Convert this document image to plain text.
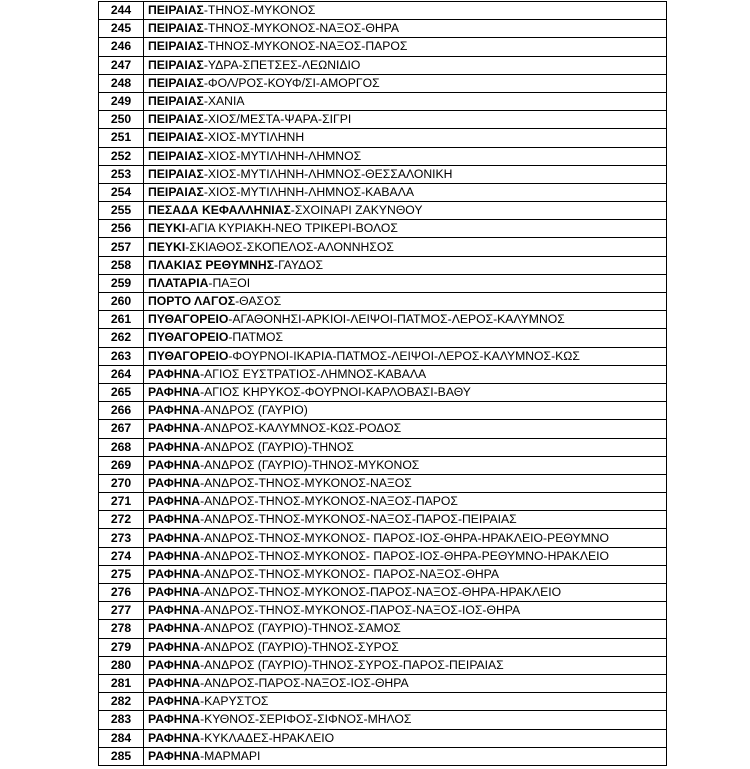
244	ΠΕΙΡΑΙΑΣ-ΤΗΝΟΣ-ΜΥΚΟΝΟΣ
245	ΠΕΙΡΑΙΑΣ-ΤΗΝΟΣ-ΜΥΚΟΝΟΣ-ΝΑΞΟΣ-ΘΗΡΑ
246	ΠΕΙΡΑΙΑΣ-ΤΗΝΟΣ-ΜΥΚΟΝΟΣ-ΝΑΞΟΣ-ΠΑΡΟΣ
247	ΠΕΙΡΑΙΑΣ-ΥΔΡΑ-ΣΠΕΤΣΕΣ-ΛΕΩΝΙΔΙΟ
248	ΠΕΙΡΑΙΑΣ-ΦΟΛ/ΡΟΣ-ΚΟΥΦ/ΣΙ-ΑΜΟΡΓΟΣ
249	ΠΕΙΡΑΙΑΣ-ΧΑΝΙΑ
250	ΠΕΙΡΑΙΑΣ-ΧΙΟΣ/ΜΕΣΤΑ-ΨΑΡΑ-ΣΙΓΡΙ
251	ΠΕΙΡΑΙΑΣ-ΧΙΟΣ-ΜΥΤΙΛΗΝΗ
252	ΠΕΙΡΑΙΑΣ-ΧΙΟΣ-ΜΥΤΙΛΗΝΗ-ΛΗΜΝΟΣ
253	ΠΕΙΡΑΙΑΣ-ΧΙΟΣ-ΜΥΤΙΛΗΝΗ-ΛΗΜΝΟΣ-ΘΕΣΣΑΛΟΝΙΚΗ
254	ΠΕΙΡΑΙΑΣ-ΧΙΟΣ-ΜΥΤΙΛΗΝΗ-ΛΗΜΝΟΣ-ΚΑΒΑΛΑ
255	ΠΕΣΑΔΑ ΚΕΦΑΛΛΗΝΙΑΣ-ΣΧΟΙΝΑΡΙ ΖΑΚΥΝΘΟΥ
256	ΠΕΥΚΙ-ΑΓΙΑ ΚΥΡΙΑΚΗ-ΝΕΟ ΤΡΙΚΕΡΙ-ΒΟΛΟΣ
257	ΠΕΥΚΙ-ΣΚΙΑΘΟΣ-ΣΚΟΠΕΛΟΣ-ΑΛΟΝΝΗΣΟΣ
258	ΠΛΑΚΙΑΣ ΡΕΘΥΜΝΗΣ-ΓΑΥΔΟΣ
259	ΠΛΑΤΑΡΙΑ-ΠΑΞΟΙ
260	ΠΟΡΤΟ ΛΑΓΟΣ-ΘΑΣΟΣ
261	ΠΥΘΑΓΟΡΕΙΟ-ΑΓΑΘΟΝΗΣΙ-ΑΡΚΙΟΙ-ΛΕΙΨΟΙ-ΠΑΤΜΟΣ-ΛΕΡΟΣ-ΚΑΛΥΜΝΟΣ
262	ΠΥΘΑΓΟΡΕΙΟ-ΠΑΤΜΟΣ
263	ΠΥΘΑΓΟΡΕΙΟ-ΦΟΥΡΝΟΙ-ΙΚΑΡΙΑ-ΠΑΤΜΟΣ-ΛΕΙΨΟΙ-ΛΕΡΟΣ-ΚΑΛΥΜΝΟΣ-ΚΩΣ
264	ΡΑΦΗΝΑ-ΑΓΙΟΣ ΕΥΣΤΡΑΤΙΟΣ-ΛΗΜΝΟΣ-ΚΑΒΑΛΑ
265	ΡΑΦΗΝΑ-ΑΓΙΟΣ ΚΗΡΥΚΟΣ-ΦΟΥΡΝΟΙ-ΚΑΡΛΟΒΑΣΙ-ΒΑΘΥ
266	ΡΑΦΗΝΑ-ΑΝΔΡΟΣ (ΓΑΥΡΙΟ)
267	ΡΑΦΗΝΑ-ΑΝΔΡΟΣ-ΚΑΛΥΜΝΟΣ-ΚΩΣ-ΡΟΔΟΣ
268	ΡΑΦΗΝΑ-ΑΝΔΡΟΣ (ΓΑΥΡΙΟ)-ΤΗΝΟΣ
269	ΡΑΦΗΝΑ-ΑΝΔΡΟΣ (ΓΑΥΡΙΟ)-ΤΗΝΟΣ-ΜΥΚΟΝΟΣ
270	ΡΑΦΗΝΑ-ΑΝΔΡΟΣ-ΤΗΝΟΣ-ΜΥΚΟΝΟΣ-ΝΑΞΟΣ
271	ΡΑΦΗΝΑ-ΑΝΔΡΟΣ-ΤΗΝΟΣ-ΜΥΚΟΝΟΣ-ΝΑΞΟΣ-ΠΑΡΟΣ
272	ΡΑΦΗΝΑ-ΑΝΔΡΟΣ-ΤΗΝΟΣ-ΜΥΚΟΝΟΣ-ΝΑΞΟΣ-ΠΑΡΟΣ-ΠΕΙΡΑΙΑΣ
273	ΡΑΦΗΝΑ-ΑΝΔΡΟΣ-ΤΗΝΟΣ-ΜΥΚΟΝΟΣ- ΠΑΡΟΣ-ΙΟΣ-ΘΗΡΑ-ΗΡΑΚΛΕΙΟ-ΡΕΘΥΜΝΟ
274	ΡΑΦΗΝΑ-ΑΝΔΡΟΣ-ΤΗΝΟΣ-ΜΥΚΟΝΟΣ- ΠΑΡΟΣ-ΙΟΣ-ΘΗΡΑ-ΡΕΘΥΜΝΟ-ΗΡΑΚΛΕΙΟ
275	ΡΑΦΗΝΑ-ΑΝΔΡΟΣ-ΤΗΝΟΣ-ΜΥΚΟΝΟΣ- ΠΑΡΟΣ-ΝΑΞΟΣ-ΘΗΡΑ
276	ΡΑΦΗΝΑ-ΑΝΔΡΟΣ-ΤΗΝΟΣ-ΜΥΚΟΝΟΣ-ΠΑΡΟΣ-ΝΑΞΟΣ-ΘΗΡΑ-ΗΡΑΚΛΕΙΟ
277	ΡΑΦΗΝΑ-ΑΝΔΡΟΣ-ΤΗΝΟΣ-ΜΥΚΟΝΟΣ-ΠΑΡΟΣ-ΝΑΞΟΣ-ΙΟΣ-ΘΗΡΑ
278	ΡΑΦΗΝΑ-ΑΝΔΡΟΣ (ΓΑΥΡΙΟ)-ΤΗΝΟΣ-ΣΑΜΟΣ
279	ΡΑΦΗΝΑ-ΑΝΔΡΟΣ (ΓΑΥΡΙΟ)-ΤΗΝΟΣ-ΣΥΡΟΣ
280	ΡΑΦΗΝΑ-ΑΝΔΡΟΣ (ΓΑΥΡΙΟ)-ΤΗΝΟΣ-ΣΥΡΟΣ-ΠΑΡΟΣ-ΠΕΙΡΑΙΑΣ
281	ΡΑΦΗΝΑ-ΑΝΔΡΟΣ-ΠΑΡΟΣ-ΝΑΞΟΣ-ΙΟΣ-ΘΗΡΑ
282	ΡΑΦΗΝΑ-ΚΑΡΥΣΤΟΣ
283	ΡΑΦΗΝΑ-ΚΥΘΝΟΣ-ΣΕΡΙΦΟΣ-ΣΙΦΝΟΣ-ΜΗΛΟΣ
284	ΡΑΦΗΝΑ-ΚΥΚΛΑΔΕΣ-ΗΡΑΚΛΕΙΟ
285	ΡΑΦΗΝΑ-ΜΑΡΜΑΡΙ
